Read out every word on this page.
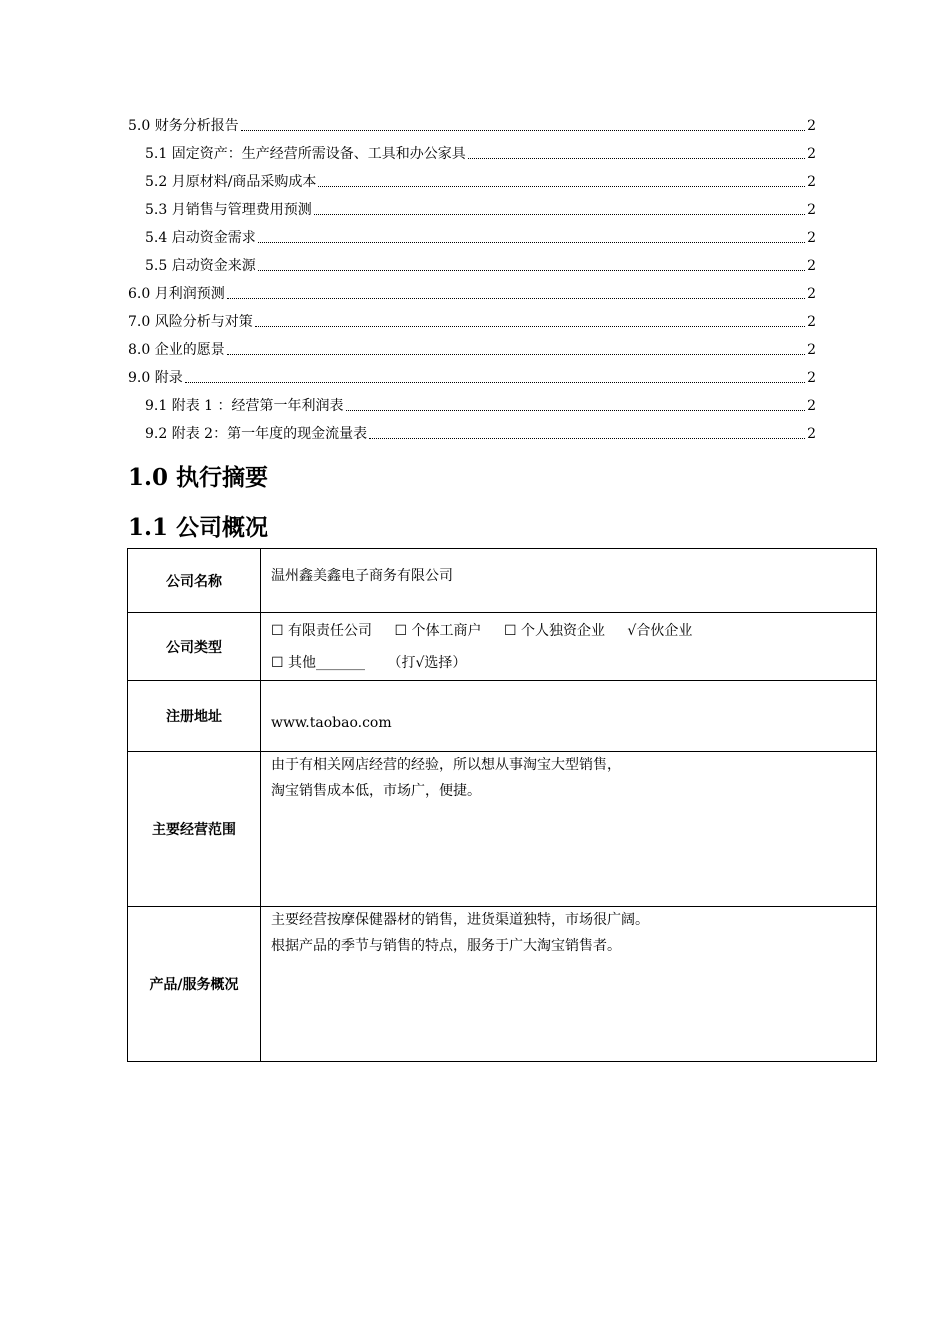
5.0 财务分析报告	2
5.1 固定资产：生产经营所需设备、工具和办公家具	2
5.2 月原材料/商品采购成本	2
5.3 月销售与管理费用预测	2
5.4 启动资金需求	2
5.5 启动资金来源	2
6.0 月利润预测	2
7.0 风险分析与对策	2
8.0 企业的愿景	2
9.0 附录	2
9.1 附表 1 ：经营第一年利润表	2
9.2 附表 2：第一年度的现金流量表	2
1.0 执行摘要
1.1 公司概况
公司名称	温州鑫美鑫电子商务有限公司
公司类型	☐ 有限责任公司 ☐ 个体工商户 ☐ 个人独资企业 √合伙企业
☐ 其他_______ （打√选择）

注册地址	www.taobao.com
主要经营范围	由于有相关网店经营的经验，所以想从事淘宝大型销售，
淘宝销售成本低，市场广，便捷。

产品/服务概况	主要经营按摩保健器材的销售，进货渠道独特，市场很广阔。
根据产品的季节与销售的特点，服务于广大淘宝销售者。
